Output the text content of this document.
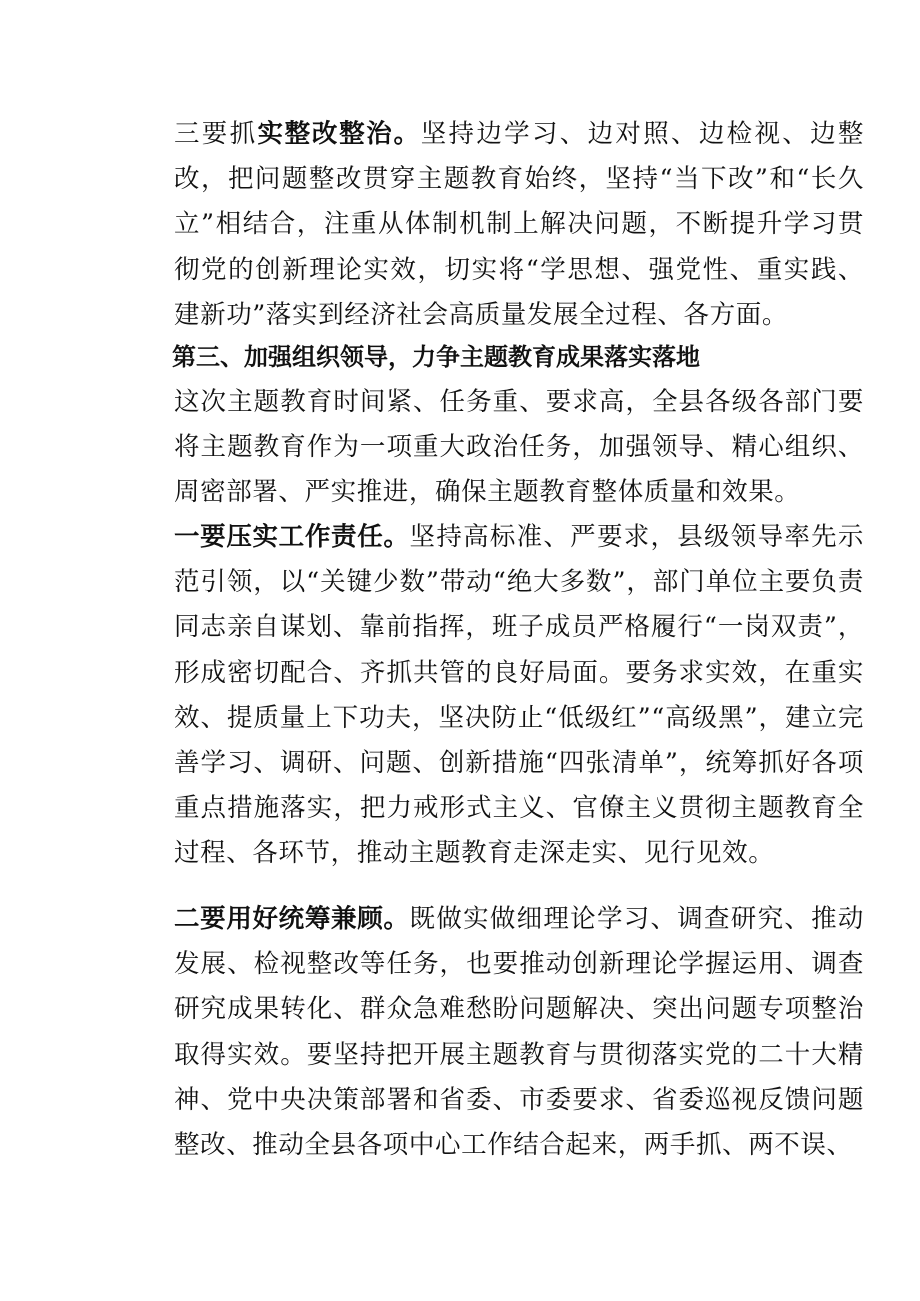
三要抓实整改整治。坚持边学习、边对照、边检视、边整改，把问题整改贯穿主题教育始终，坚持“当下改”和“长久立”相结合，注重从体制机制上解决问题，不断提升学习贯彻党的创新理论实效，切实将“学思想、强党性、重实践、建新功”落实到经济社会高质量发展全过程、各方面。

第三、加强组织领导，力争主题教育成果落实落地

这次主题教育时间紧、任务重、要求高，全县各级各部门要将主题教育作为一项重大政治任务，加强领导、精心组织、周密部署、严实推进，确保主题教育整体质量和效果。

一要压实工作责任。坚持高标准、严要求，县级领导率先示范引领，以“关键少数”带动“绝大多数”，部门单位主要负责同志亲自谋划、靠前指挥，班子成员严格履行“一岗双责”，形成密切配合、齐抓共管的良好局面。要务求实效，在重实效、提质量上下功夫，坚决防止“低级红”“高级黑”，建立完善学习、调研、问题、创新措施“四张清单”，统筹抓好各项重点措施落实，把力戒形式主义、官僚主义贯彻主题教育全过程、各环节，推动主题教育走深走实、见行见效。

二要用好统筹兼顾。既做实做细理论学习、调查研究、推动发展、检视整改等任务，也要推动创新理论学握运用、调查研究成果转化、群众急难愁盼问题解决、突出问题专项整治取得实效。要坚持把开展主题教育与贯彻落实党的二十大精神、党中央决策部署和省委、市委要求、省委巡视反馈问题整改、推动全县各项中心工作结合起来，两手抓、两不误、
